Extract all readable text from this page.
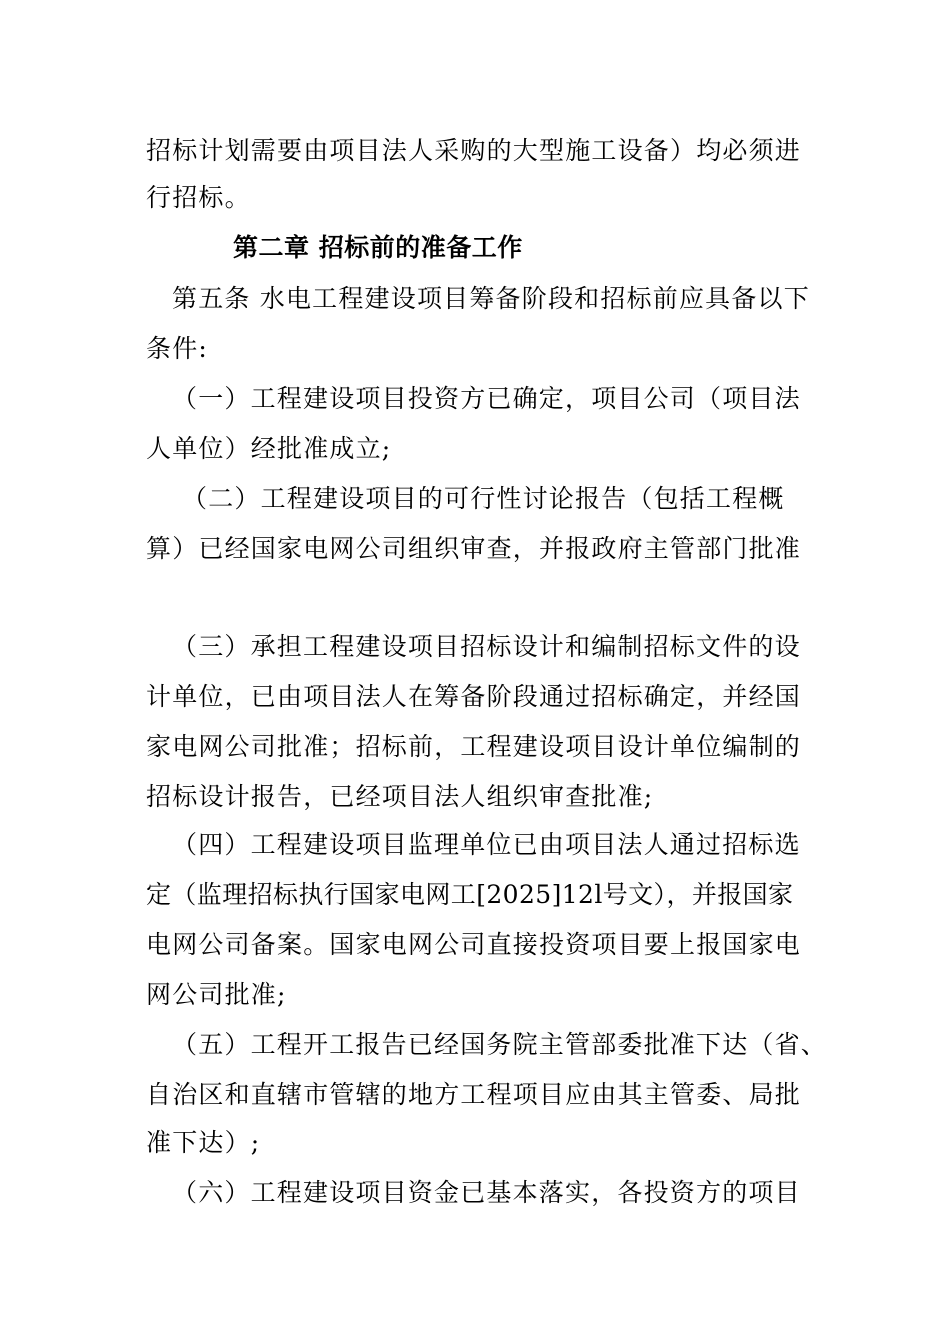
招标计划需要由项目法人采购的大型施工设备）均必须进
行招标。
第二章 招标前的准备工作
第五条 水电工程建设项目筹备阶段和招标前应具备以下
条件:
（一）工程建设项目投资方已确定，项目公司（项目法
人单位）经批准成立;
（二）工程建设项目的可行性讨论报告（包括工程概
算）已经国家电网公司组织审查，并报政府主管部门批准
（三）承担工程建设项目招标设计和编制招标文件的设
计单位，已由项目法人在筹备阶段通过招标确定，并经国
家电网公司批准；招标前，工程建设项目设计单位编制的
招标设计报告，已经项目法人组织审查批准;
（四）工程建设项目监理单位已由项目法人通过招标选
定（监理招标执行国家电网工[2025]12l号文），并报国家
电网公司备案。国家电网公司直接投资项目要上报国家电
网公司批准;
（五）工程开工报告已经国务院主管部委批准下达（省、
自治区和直辖市管辖的地方工程项目应由其主管委、局批
准下达）;
（六）工程建设项目资金已基本落实，各投资方的项目
